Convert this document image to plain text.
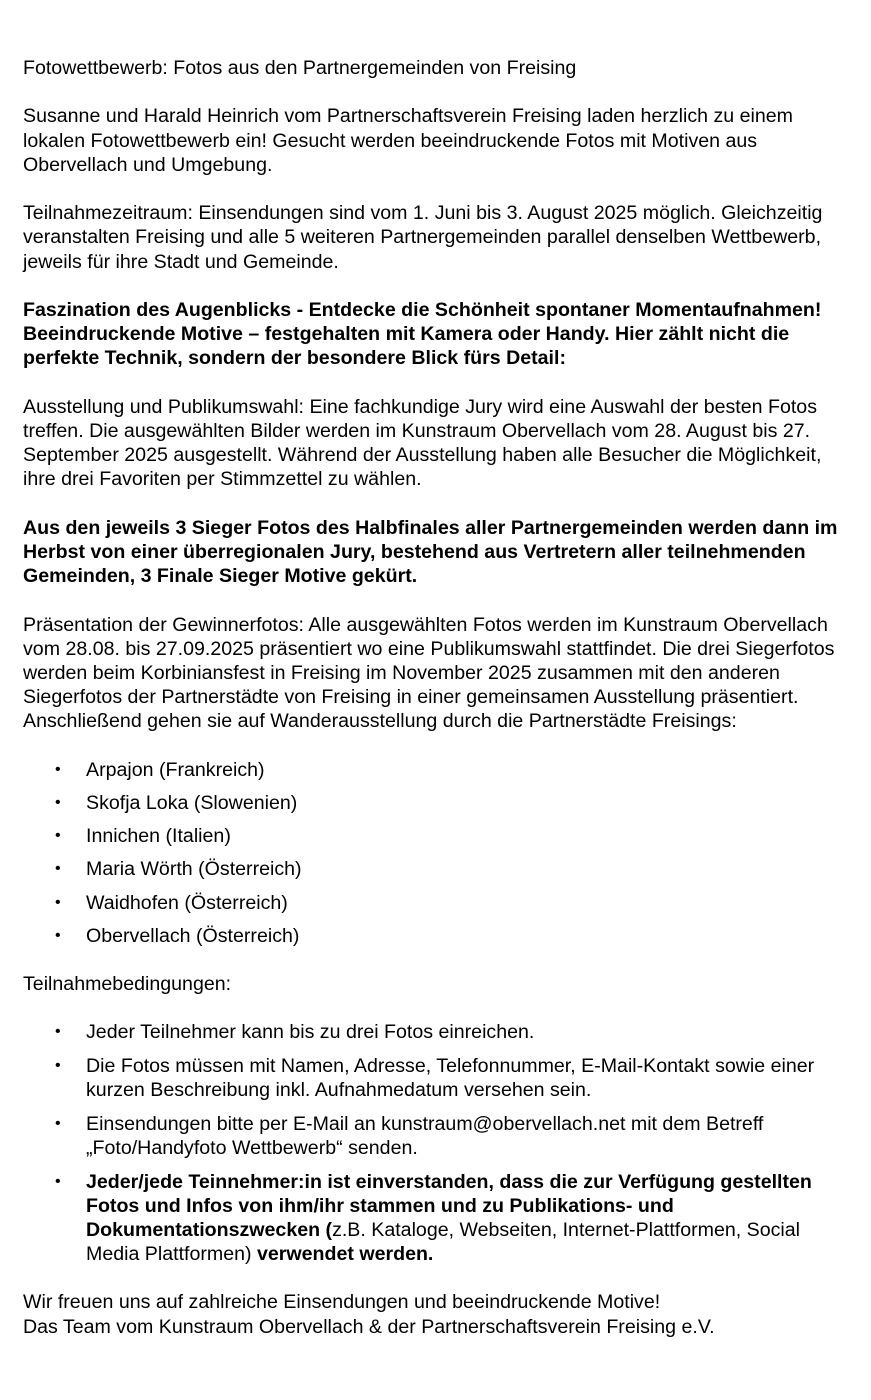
Fotowettbewerb: Fotos aus den Partnergemeinden von Freising

Susanne und Harald Heinrich vom Partnerschaftsverein Freising laden herzlich zu einem lokalen Fotowettbewerb ein! Gesucht werden beeindruckende Fotos mit Motiven aus Obervellach und Umgebung.

Teilnahmezeitraum: Einsendungen sind vom 1. Juni bis 3. August 2025 möglich. Gleichzeitig veranstalten Freising und alle 5 weiteren Partnergemeinden parallel denselben Wettbewerb, jeweils für ihre Stadt und Gemeinde.

Faszination des Augenblicks - Entdecke die Schönheit spontaner Momentaufnahmen! Beeindruckende Motive – festgehalten mit Kamera oder Handy. Hier zählt nicht die perfekte Technik, sondern der besondere Blick fürs Detail:

Ausstellung und Publikumswahl: Eine fachkundige Jury wird eine Auswahl der besten Fotos treffen. Die ausgewählten Bilder werden im Kunstraum Obervellach vom 28. August bis 27. September 2025 ausgestellt. Während der Ausstellung haben alle Besucher die Möglichkeit, ihre drei Favoriten per Stimmzettel zu wählen.

Aus den jeweils 3 Sieger Fotos des Halbfinales aller Partnergemeinden werden dann im Herbst von einer überregionalen Jury, bestehend aus Vertretern aller teilnehmenden Gemeinden, 3 Finale Sieger Motive gekürt.

Präsentation der Gewinnerfotos: Alle ausgewählten Fotos werden im Kunstraum Obervellach vom 28.08. bis 27.09.2025 präsentiert wo eine Publikumswahl stattfindet. Die drei Siegerfotos werden beim Korbiniansfest in Freising im November 2025 zusammen mit den anderen Siegerfotos der Partnerstädte von Freising in einer gemeinsamen Ausstellung präsentiert. Anschließend gehen sie auf Wanderausstellung durch die Partnerstädte Freisings:

• Arpajon (Frankreich)
• Skofja Loka (Slowenien)
• Innichen (Italien)
• Maria Wörth (Österreich)
• Waidhofen (Österreich)
• Obervellach (Österreich)

Teilnahmebedingungen:

• Jeder Teilnehmer kann bis zu drei Fotos einreichen.
• Die Fotos müssen mit Namen, Adresse, Telefonnummer, E-Mail-Kontakt sowie einer kurzen Beschreibung inkl. Aufnahmedatum versehen sein.
• Einsendungen bitte per E-Mail an kunstraum@obervellach.net mit dem Betreff „Foto/Handyfoto Wettbewerb“ senden.
• Jeder/jede Teinnehmer:in ist einverstanden, dass die zur Verfügung gestellten Fotos und Infos von ihm/ihr stammen und zu Publikations- und Dokumentationszwecken (z.B. Kataloge, Webseiten, Internet-Plattformen, Social Media Plattformen) verwendet werden.

Wir freuen uns auf zahlreiche Einsendungen und beeindruckende Motive!
Das Team vom Kunstraum Obervellach & der Partnerschaftsverein Freising e.V.
